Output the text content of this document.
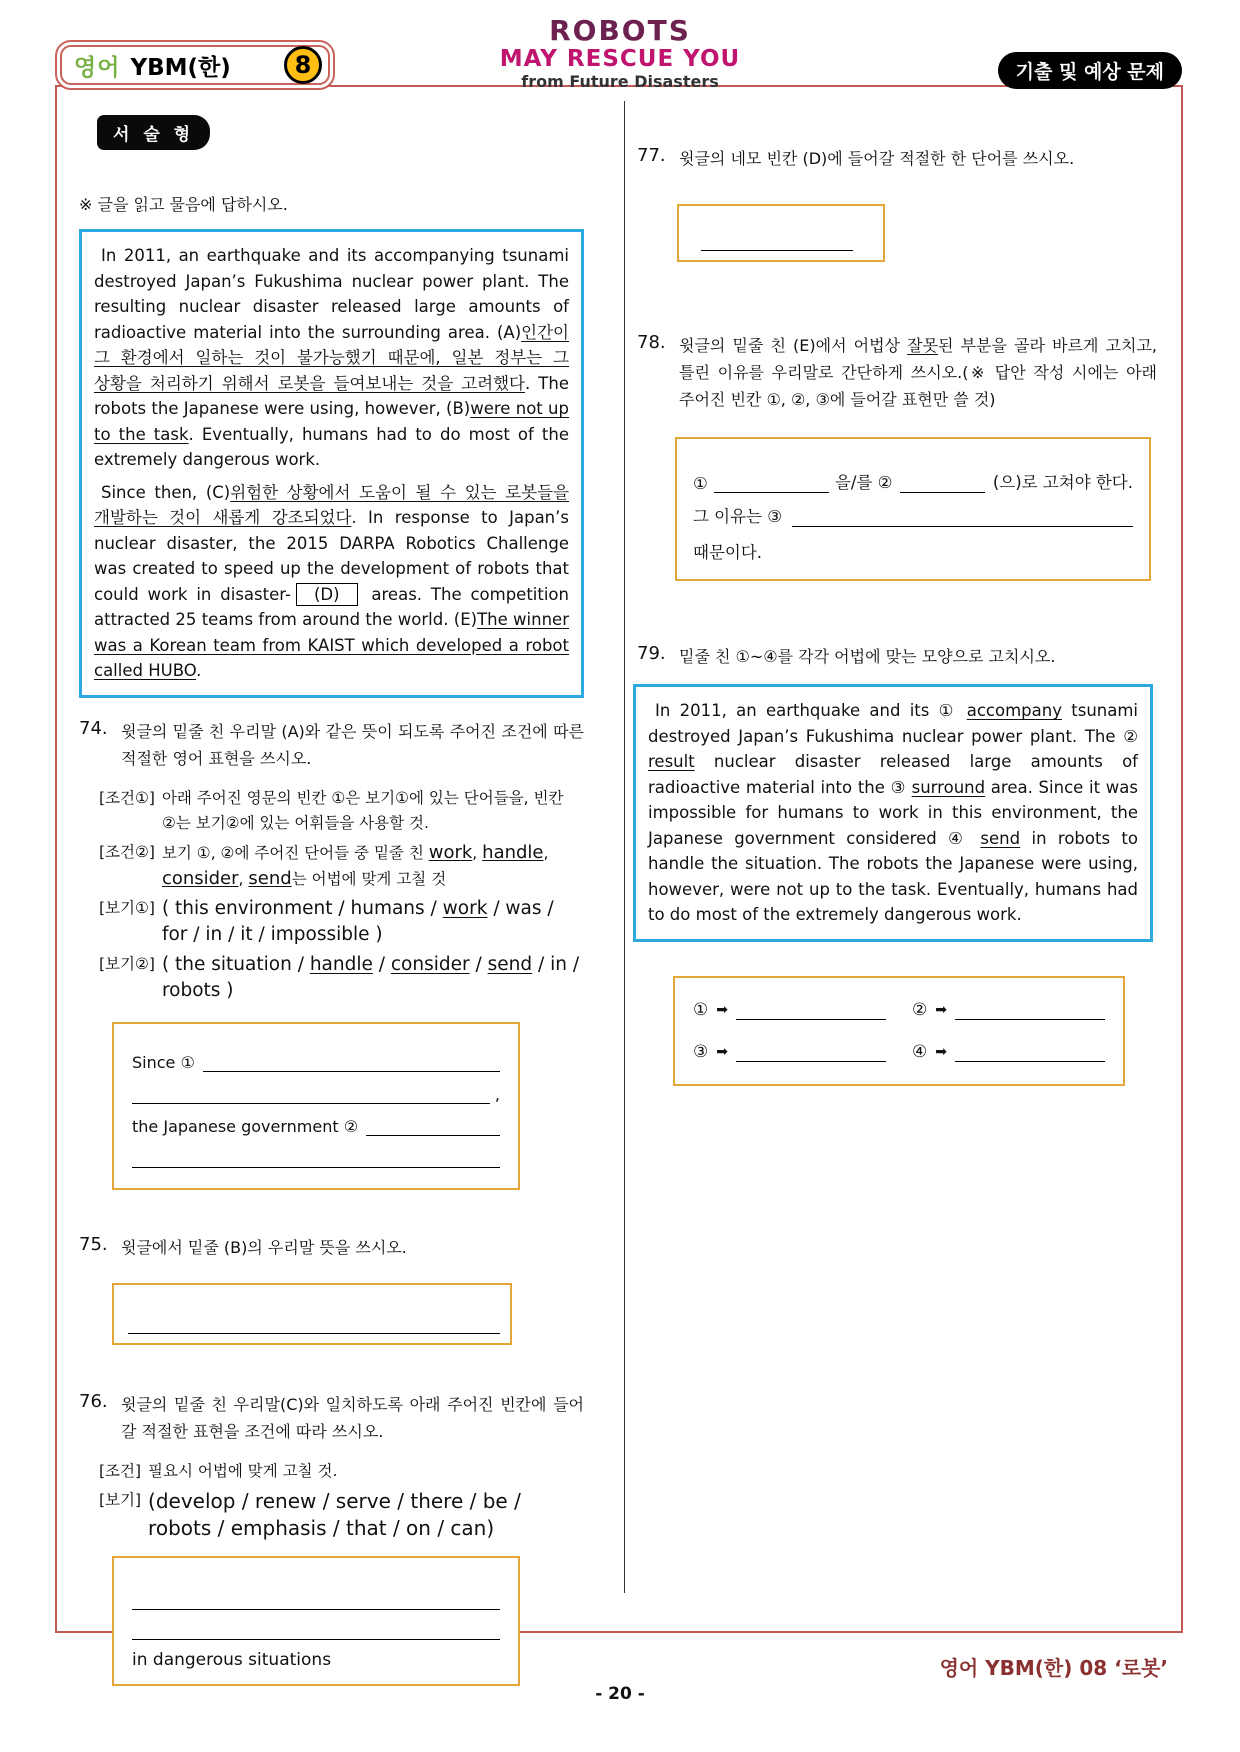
영어 YBM(한)	8
ROBOTS
MAY RESCUE YOU
from Future Disasters	기출 및 예상 문제
서 술 형
※ 글을 읽고 물음에 답하시오.

In 2011, an earthquake and its accompanying tsunami destroyed Japan’s Fukushima nuclear power plant. The resulting nuclear disaster released large amounts of radioactive material into the surrounding area. (A)인간이 그 환경에서 일하는 것이 불가능했기 때문에, 일본 정부는 그 상황을 처리하기 위해서 로봇을 들여보내는 것을 고려했다. The robots the Japanese were using, however, (B)were not up to the task. Eventually, humans had to do most of the extremely dangerous work.

Since then, (C)위험한 상황에서 도움이 될 수 있는 로봇들을 개발하는 것이 새롭게 강조되었다. In response to Japan’s nuclear disaster, the 2015 DARPA Robotics Challenge was created to speed up the development of robots that could work in disaster- (D) areas. The competition attracted 25 teams from around the world. (E)The winner was a Korean team from KAIST which developed a robot called HUBO.

74. 윗글의 밑줄 친 우리말 (A)와 같은 뜻이 되도록 주어진 조건에 따른 적절한 영어 표현을 쓰시오.
[조건①] 아래 주어진 영문의 빈칸 ①은 보기①에 있는 단어들을, 빈칸 ②는 보기②에 있는 어휘들을 사용할 것.
[조건②] 보기 ①, ②에 주어진 단어들 중 밑줄 친 work, handle, consider, send는 어법에 맞게 고칠 것
[보기①] ( this environment / humans / work / was / for / in / it / impossible )
[보기②] ( the situation / handle / consider / send / in / robots )
Since ①
,
the Japanese government ②
75. 윗글에서 밑줄 (B)의 우리말 뜻을 쓰시오.
76. 윗글의 밑줄 친 우리말(C)와 일치하도록 아래 주어진 빈칸에 들어 갈 적절한 표현을 조건에 따라 쓰시오.
[조건] 필요시 어법에 맞게 고칠 것.
[보기] (develop / renew / serve / there / be / robots / emphasis / that / on / can)
in dangerous situations
77. 윗글의 네모 빈칸 (D)에 들어갈 적절한 한 단어를 쓰시오.
78. 윗글의 밑줄 친 (E)에서 어법상 잘못된 부분을 골라 바르게 고치고, 틀린 이유를 우리말로 간단하게 쓰시오.(※ 답안 작성 시에는 아래 주어진 빈칸 ①, ②, ③에 들어갈 표현만 쓸 것)
①	을/를 ②	(으)로 고쳐야 한다.
그 이유는 ③
때문이다.
79. 밑줄 친 ①~④를 각각 어법에 맞는 모양으로 고치시오.

In 2011, an earthquake and its ① accompany tsunami destroyed Japan’s Fukushima nuclear power plant. The ② result nuclear disaster released large amounts of radioactive material into the ③ surround area. Since it was impossible for humans to work in this environment, the Japanese government considered ④ send in robots to handle the situation. The robots the Japanese were using, however, were not up to the task. Eventually, humans had to do most of the extremely dangerous work.

① ➡	② ➡
③ ➡	④ ➡
영어 YBM(한) 08 ‘로봇’
- 20 -
